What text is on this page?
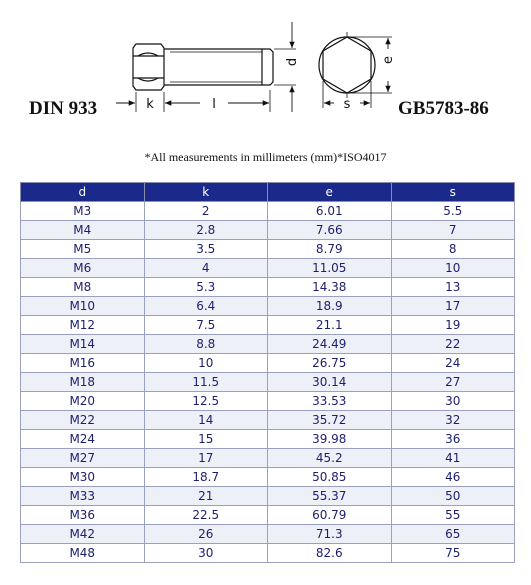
k	l	s
d	e
DIN 933	GB5783-86
*All measurements in millimeters (mm)*ISO4017
d	k	e	s
M3	2	6.01	5.5
M4	2.8	7.66	7
M5	3.5	8.79	8
M6	4	11.05	10
M8	5.3	14.38	13
M10	6.4	18.9	17
M12	7.5	21.1	19
M14	8.8	24.49	22
M16	10	26.75	24
M18	11.5	30.14	27
M20	12.5	33.53	30
M22	14	35.72	32
M24	15	39.98	36
M27	17	45.2	41
M30	18.7	50.85	46
M33	21	55.37	50
M36	22.5	60.79	55
M42	26	71.3	65
M48	30	82.6	75
